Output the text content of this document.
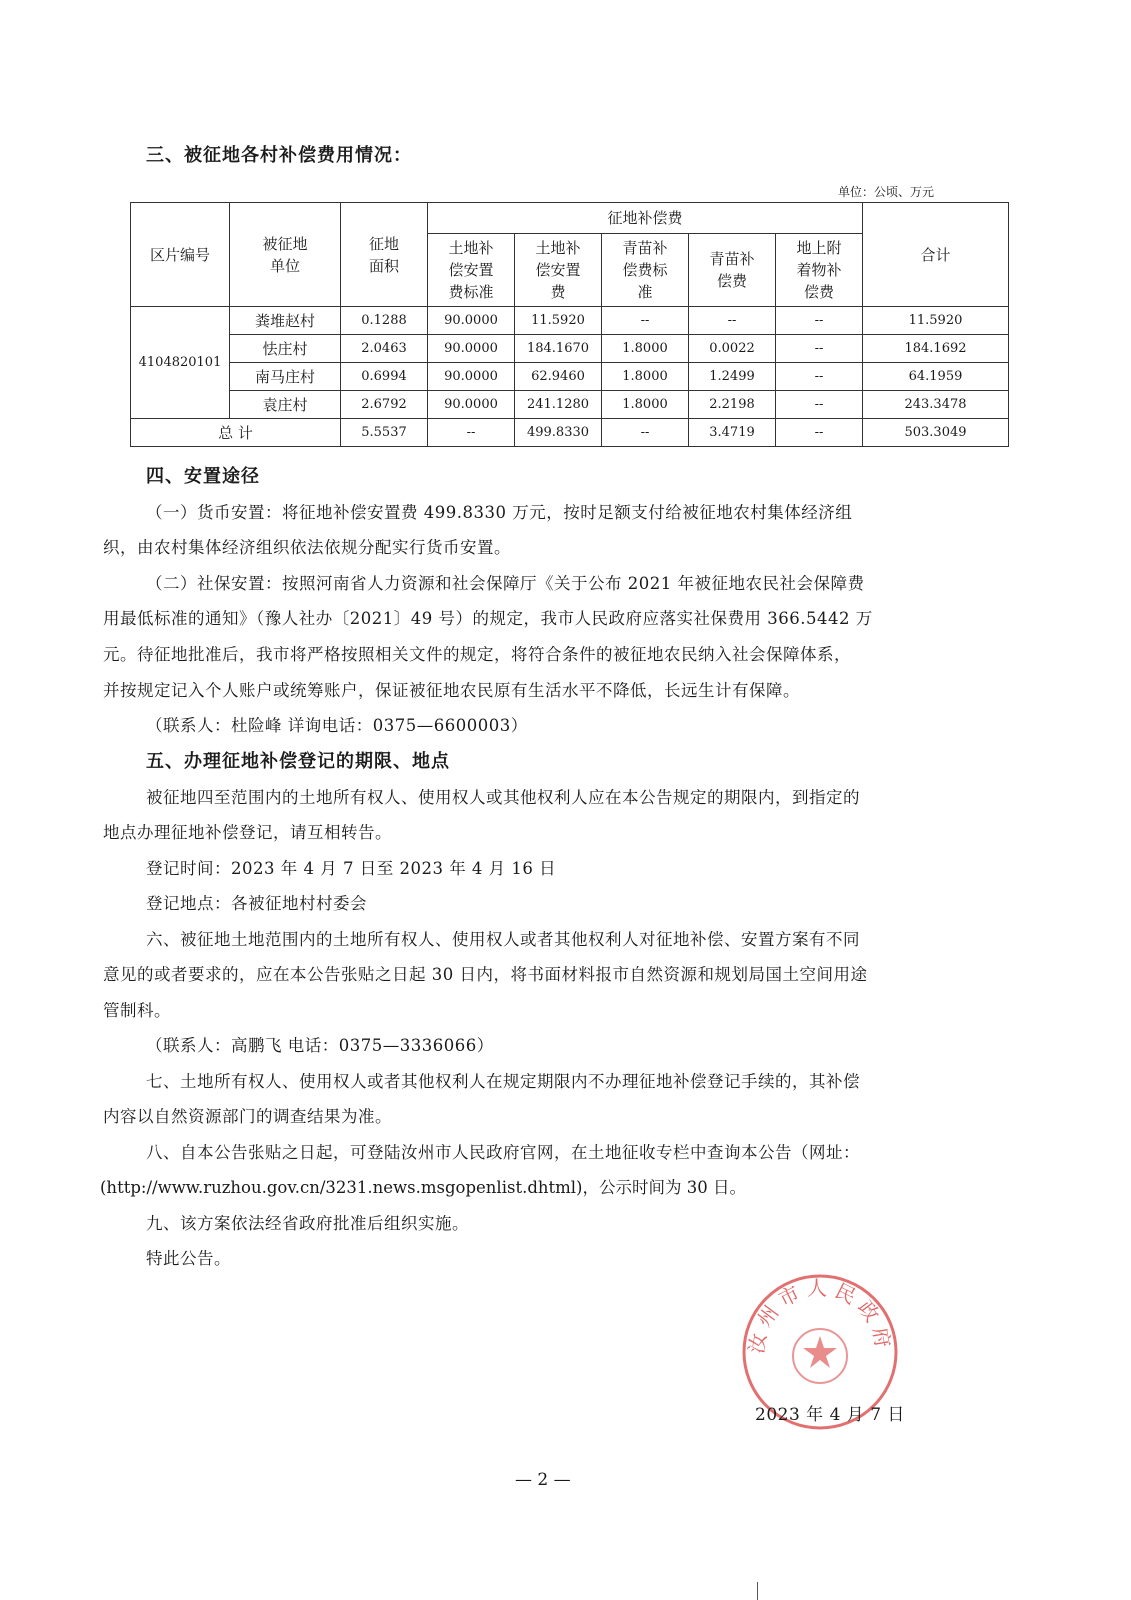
三、被征地各村补偿费用情况：
单位：公顷、万元
区片编号	被征地单位	征地面积	征地补偿费					合计

			土地补偿安置费标准	土地补偿安置费	青苗补偿费标准	青苗补偿费	地上附着物补偿费	

4104820101	粪堆赵村	0.1288	90.0000	11.5920	--	--	--	11.5920
	怯庄村	2.0463	90.0000	184.1670	1.8000	0.0022	--	184.1692
	南马庄村	0.6994	90.0000	62.9460	1.8000	1.2499	--	64.1959
	袁庄村	2.6792	90.0000	241.1280	1.8000	2.2198	--	243.3478
总 计		5.5537	--	499.8330	--	3.4719	--	503.3049
四、安置途径
（一）货币安置：将征地补偿安置费 499.8330 万元，按时足额支付给被征地农村集体经济组
织，由农村集体经济组织依法依规分配实行货币安置。
（二）社保安置：按照河南省人力资源和社会保障厅《关于公布 2021 年被征地农民社会保障费
用最低标准的通知》（豫人社办〔2021〕49 号）的规定，我市人民政府应落实社保费用 366.5442 万
元。待征地批准后，我市将严格按照相关文件的规定，将符合条件的被征地农民纳入社会保障体系，
并按规定记入个人账户或统筹账户，保证被征地农民原有生活水平不降低，长远生计有保障。
（联系人：杜险峰 详询电话：0375—6600003）
五、办理征地补偿登记的期限、地点
被征地四至范围内的土地所有权人、使用权人或其他权利人应在本公告规定的期限内，到指定的
地点办理征地补偿登记，请互相转告。
登记时间：2023 年 4 月 7 日至 2023 年 4 月 16 日
登记地点：各被征地村村委会
六、被征地土地范围内的土地所有权人、使用权人或者其他权利人对征地补偿、安置方案有不同
意见的或者要求的，应在本公告张贴之日起 30 日内，将书面材料报市自然资源和规划局国土空间用途
管制科。
（联系人：高鹏飞 电话：0375—3336066）
七、土地所有权人、使用权人或者其他权利人在规定期限内不办理征地补偿登记手续的，其补偿
内容以自然资源部门的调查结果为准。
八、自本公告张贴之日起，可登陆汝州市人民政府官网，在土地征收专栏中查询本公告（网址：
(http://www.ruzhou.gov.cn/3231.news.msgopenlist.dhtml)，公示时间为 30 日。
九、该方案依法经省政府批准后组织实施。
特此公告。
汝州市人民政府
2023 年 4 月 7 日
— 2 —
